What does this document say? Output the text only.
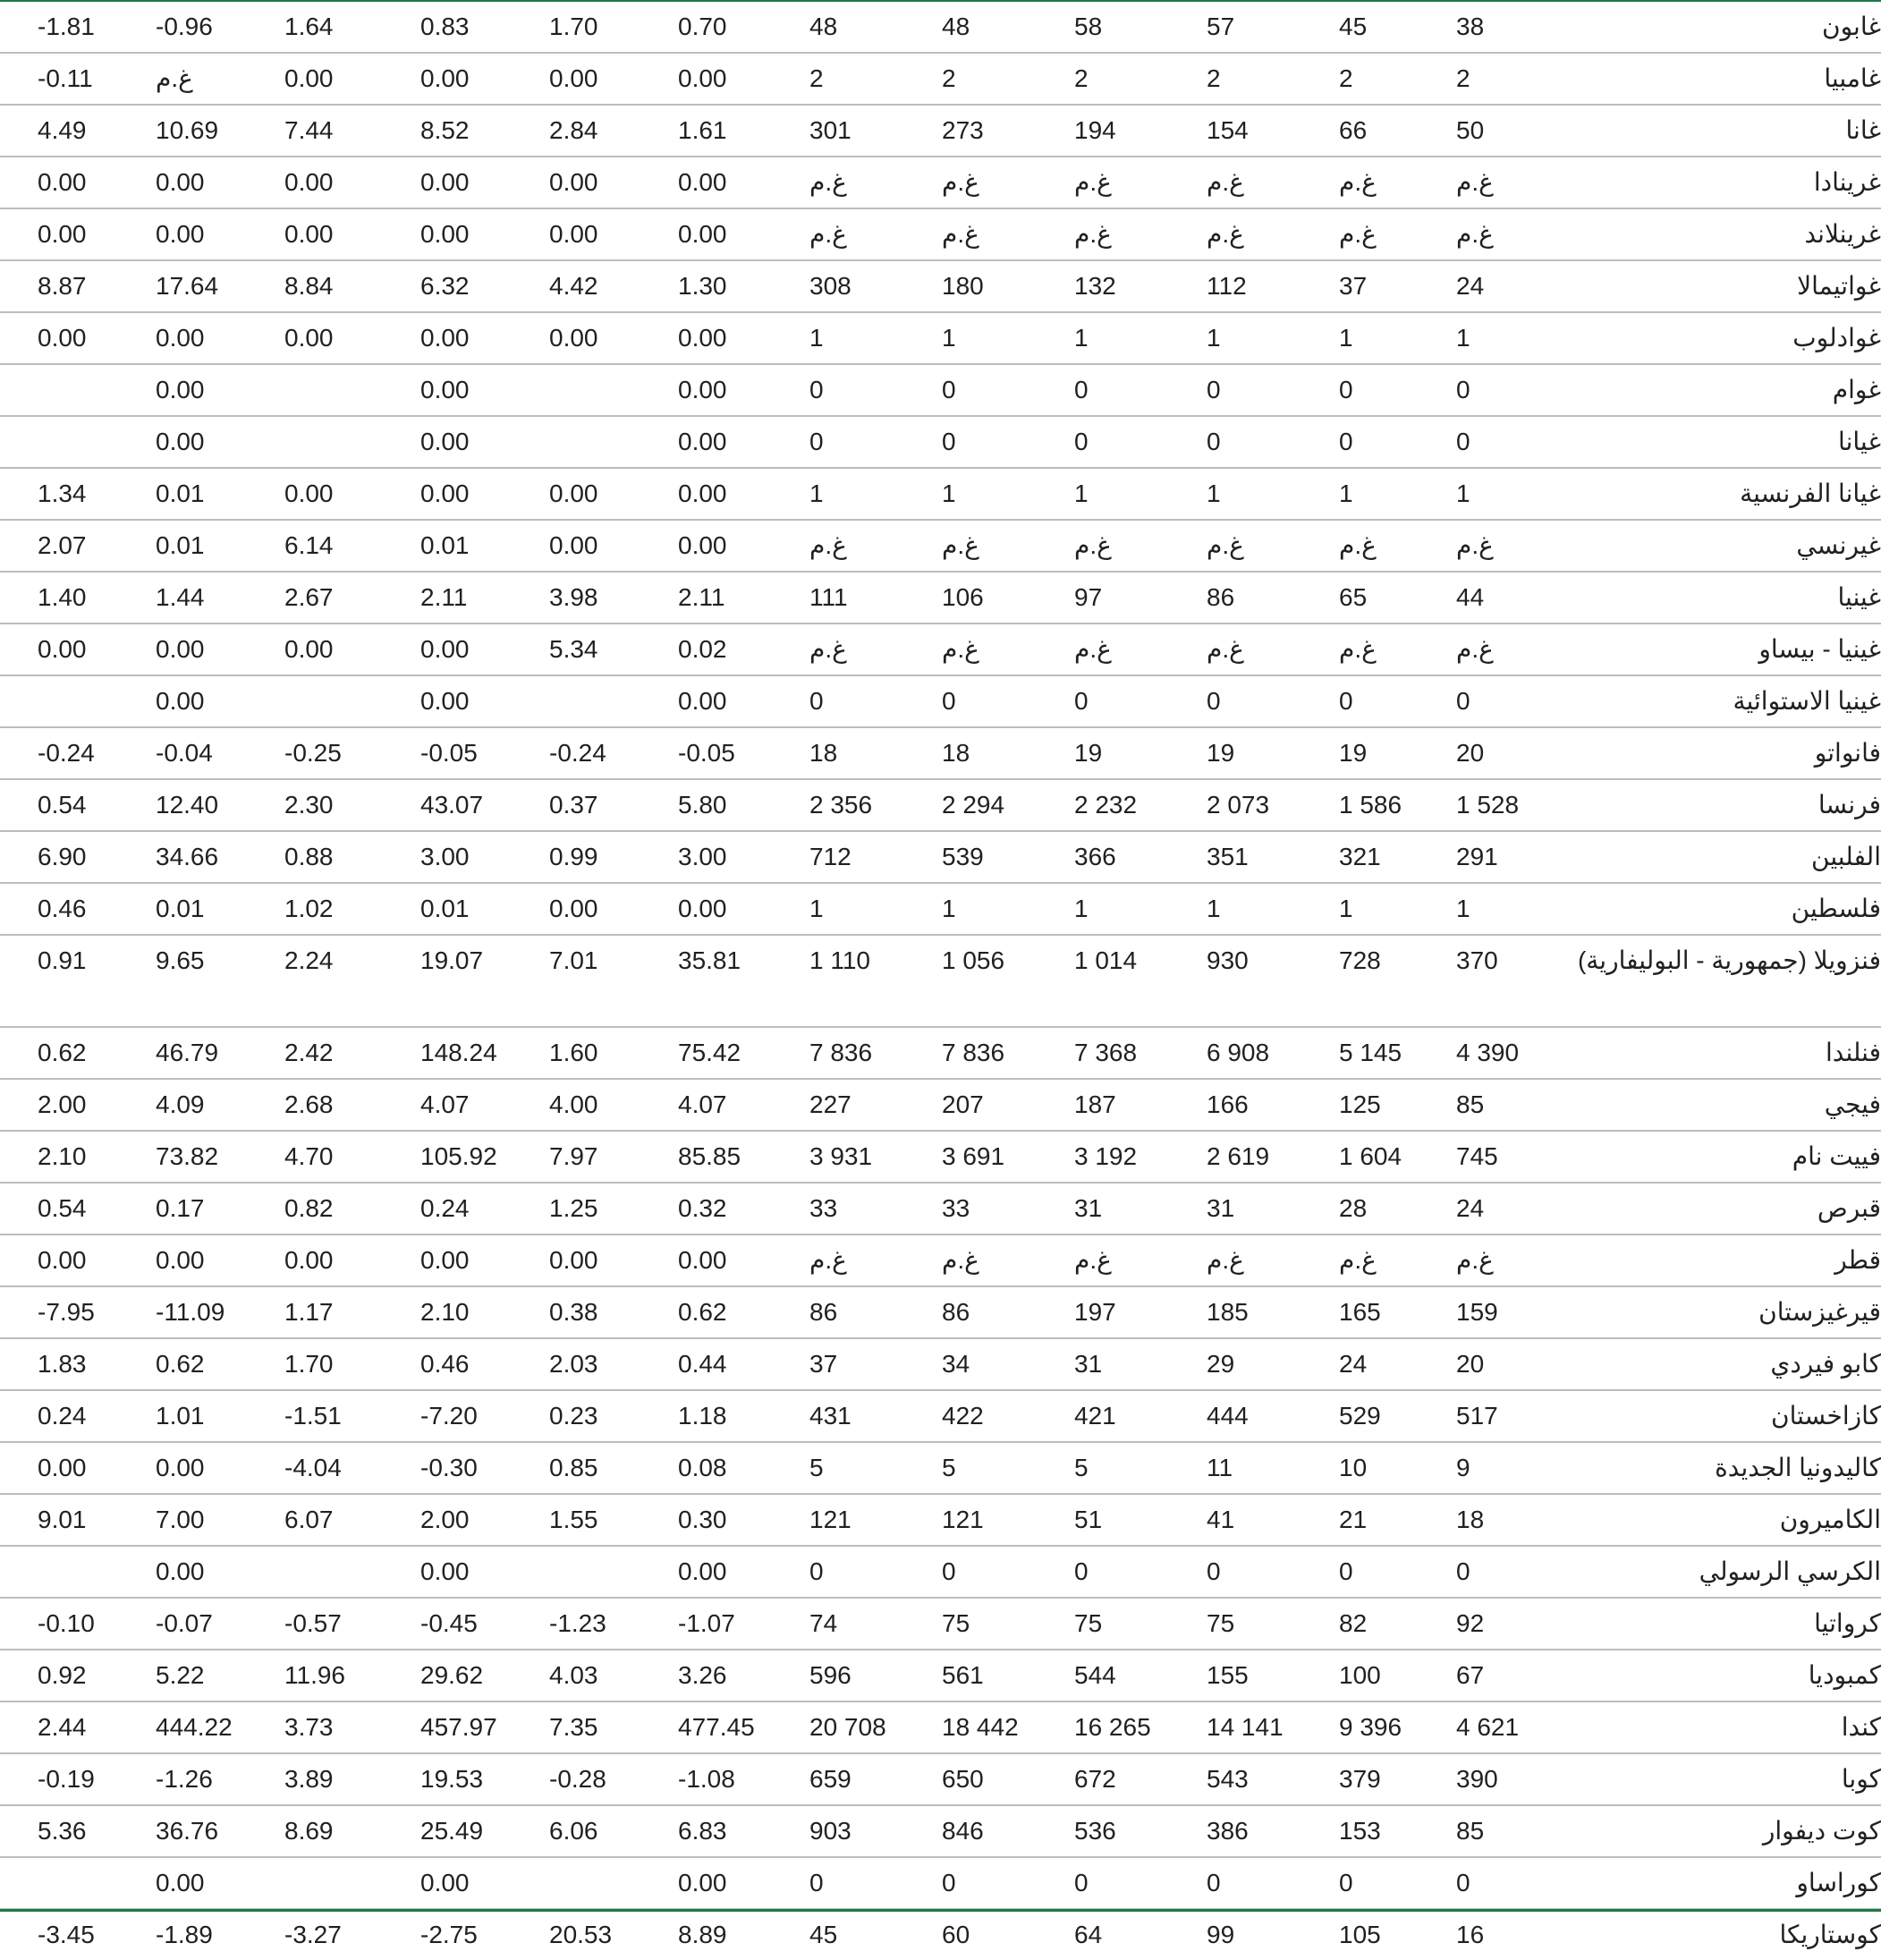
-1.81	-0.96	1.64	0.83	1.70	0.70	48	48	58	57	45	38	غابون
-0.11	غ.م	0.00	0.00	0.00	0.00	2	2	2	2	2	2	غامبيا
4.49	10.69	7.44	8.52	2.84	1.61	301	273	194	154	66	50	غانا
0.00	0.00	0.00	0.00	0.00	0.00	غ.م	غ.م	غ.م	غ.م	غ.م	غ.م	غرينادا
0.00	0.00	0.00	0.00	0.00	0.00	غ.م	غ.م	غ.م	غ.م	غ.م	غ.م	غرينلاند
8.87	17.64	8.84	6.32	4.42	1.30	308	180	132	112	37	24	غواتيمالا
0.00	0.00	0.00	0.00	0.00	0.00	1	1	1	1	1	1	غوادلوب
	0.00		0.00		0.00	0	0	0	0	0	0	غوام
	0.00		0.00		0.00	0	0	0	0	0	0	غيانا
1.34	0.01	0.00	0.00	0.00	0.00	1	1	1	1	1	1	غيانا الفرنسية
2.07	0.01	6.14	0.01	0.00	0.00	غ.م	غ.م	غ.م	غ.م	غ.م	غ.م	غيرنسي
1.40	1.44	2.67	2.11	3.98	2.11	111	106	97	86	65	44	غينيا
0.00	0.00	0.00	0.00	5.34	0.02	غ.م	غ.م	غ.م	غ.م	غ.م	غ.م	غينيا - بيساو
	0.00		0.00		0.00	0	0	0	0	0	0	غينيا الاستوائية
-0.24	-0.04	-0.25	-0.05	-0.24	-0.05	18	18	19	19	19	20	فانواتو
0.54	12.40	2.30	43.07	0.37	5.80	2 356	2 294	2 232	2 073	1 586	1 528	فرنسا
6.90	34.66	0.88	3.00	0.99	3.00	712	539	366	351	321	291	الفلبين
0.46	0.01	1.02	0.01	0.00	0.00	1	1	1	1	1	1	فلسطين
0.91	9.65	2.24	19.07	7.01	35.81	1 110	1 056	1 014	930	728	370	فنزويلا (جمهورية - البوليفارية)
0.62	46.79	2.42	148.24	1.60	75.42	7 836	7 836	7 368	6 908	5 145	4 390	فنلندا
2.00	4.09	2.68	4.07	4.00	4.07	227	207	187	166	125	85	فيجي
2.10	73.82	4.70	105.92	7.97	85.85	3 931	3 691	3 192	2 619	1 604	745	فييت نام
0.54	0.17	0.82	0.24	1.25	0.32	33	33	31	31	28	24	قبرص
0.00	0.00	0.00	0.00	0.00	0.00	غ.م	غ.م	غ.م	غ.م	غ.م	غ.م	قطر
-7.95	-11.09	1.17	2.10	0.38	0.62	86	86	197	185	165	159	قيرغيزستان
1.83	0.62	1.70	0.46	2.03	0.44	37	34	31	29	24	20	كابو فيردي
0.24	1.01	-1.51	-7.20	0.23	1.18	431	422	421	444	529	517	كازاخستان
0.00	0.00	-4.04	-0.30	0.85	0.08	5	5	5	11	10	9	كاليدونيا الجديدة
9.01	7.00	6.07	2.00	1.55	0.30	121	121	51	41	21	18	الكاميرون
	0.00		0.00		0.00	0	0	0	0	0	0	الكرسي الرسولي
-0.10	-0.07	-0.57	-0.45	-1.23	-1.07	74	75	75	75	82	92	كرواتيا
0.92	5.22	11.96	29.62	4.03	3.26	596	561	544	155	100	67	كمبوديا
2.44	444.22	3.73	457.97	7.35	477.45	20 708	18 442	16 265	14 141	9 396	4 621	كندا
-0.19	-1.26	3.89	19.53	-0.28	-1.08	659	650	672	543	379	390	كوبا
5.36	36.76	8.69	25.49	6.06	6.83	903	846	536	386	153	85	كوت ديفوار
	0.00		0.00		0.00	0	0	0	0	0	0	كوراساو
-3.45	-1.89	-3.27	-2.75	20.53	8.89	45	60	64	99	105	16	كوستاريكا
